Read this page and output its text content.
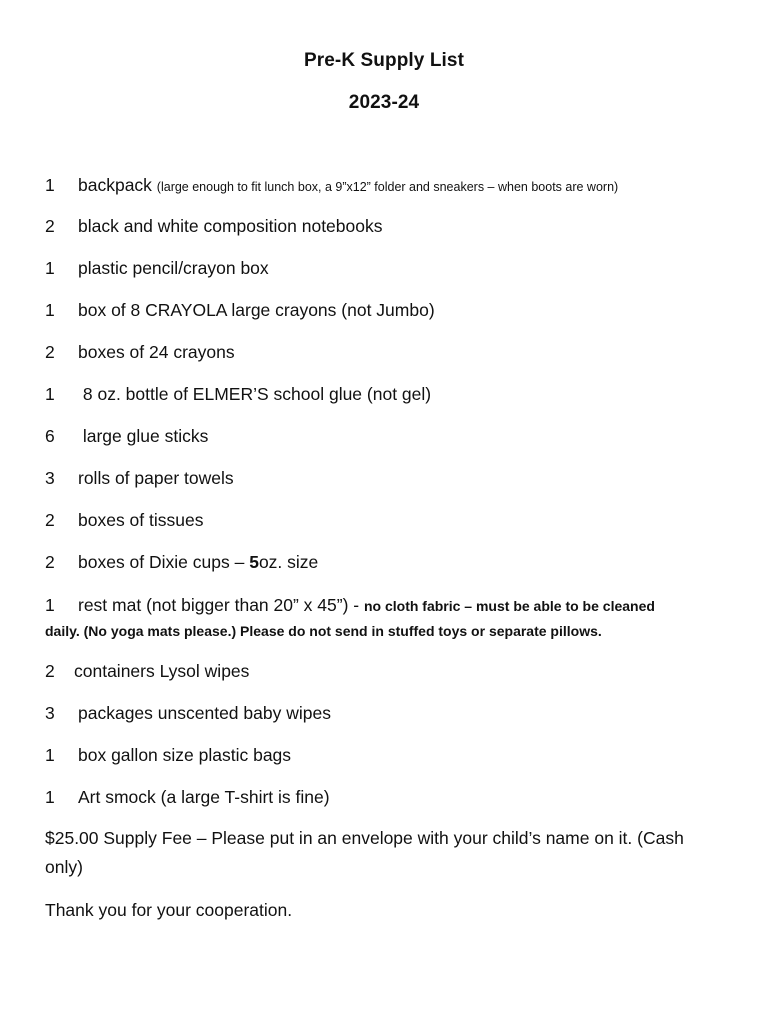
Pre-K Supply List
2023-24
1 backpack (large enough to fit lunch box, a 9”x12” folder and sneakers – when boots are worn)
2 black and white composition notebooks
1 plastic pencil/crayon box
1 box of 8 CRAYOLA large crayons (not Jumbo)
2 boxes of 24 crayons
1 8 oz. bottle of ELMER’S school glue (not gel)
6 large glue sticks
3 rolls of paper towels
2 boxes of tissues
2 boxes of Dixie cups – 5oz. size
1 rest mat (not bigger than 20” x 45”) - no cloth fabric – must be able to be cleaned
daily. (No yoga mats please.) Please do not send in stuffed toys or separate pillows.
2 containers Lysol wipes
3 packages unscented baby wipes
1 box gallon size plastic bags
1 Art smock (a large T-shirt is fine)
$25.00 Supply Fee – Please put in an envelope with your child’s name on it. (Cash only)
Thank you for your cooperation.
